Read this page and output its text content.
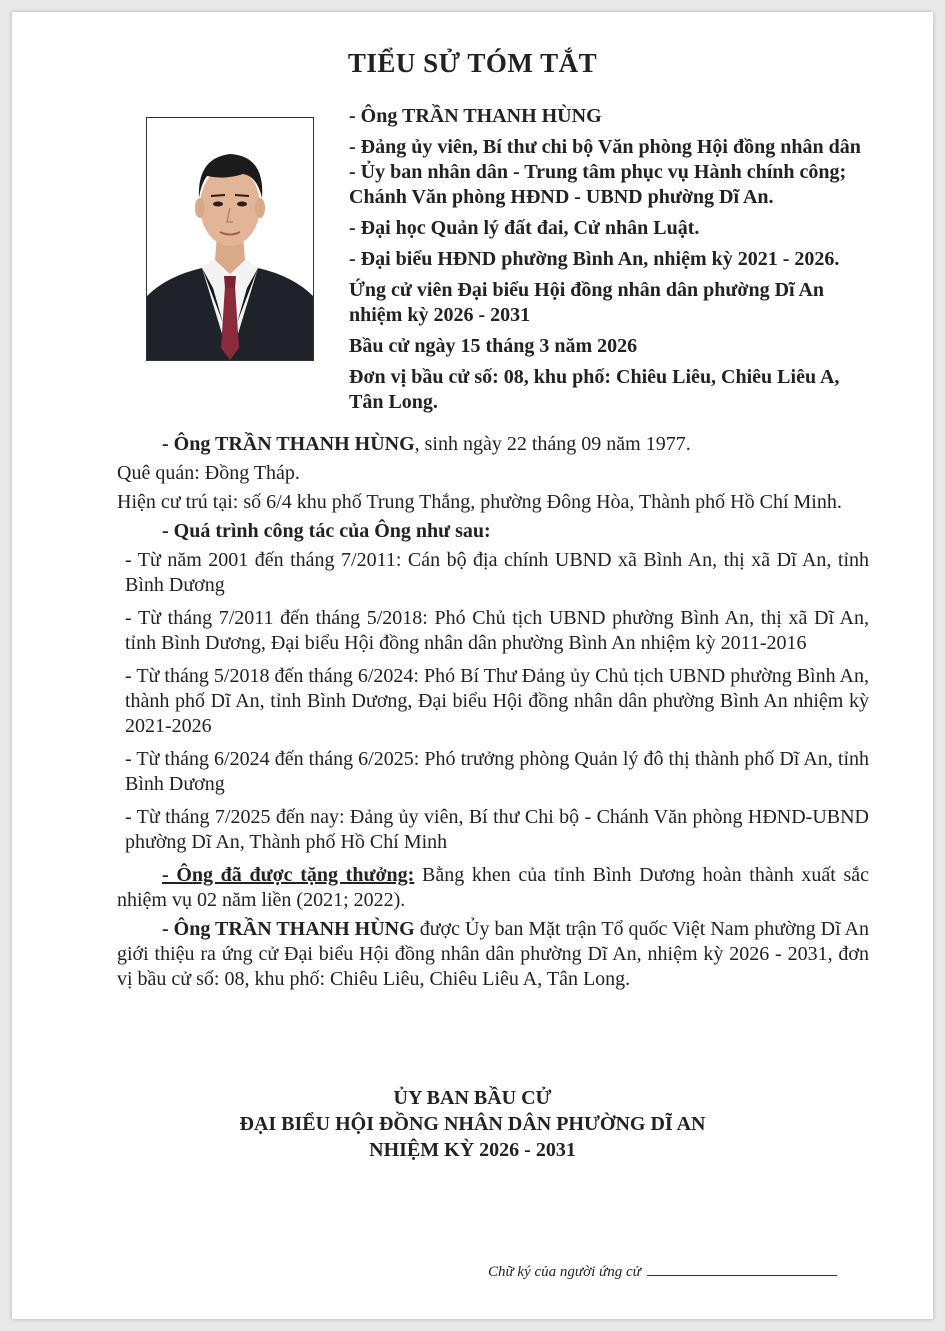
TIỂU SỬ TÓM TẮT

- Ông TRẦN THANH HÙNG

- Đảng ủy viên, Bí thư chi bộ Văn phòng Hội đồng nhân dân - Ủy ban nhân dân - Trung tâm phục vụ Hành chính công; Chánh Văn phòng HĐND - UBND phường Dĩ An.

- Đại học Quản lý đất đai, Cử nhân Luật.

- Đại biểu HĐND phường Bình An, nhiệm kỳ 2021 - 2026.

Ứng cử viên Đại biểu Hội đồng nhân dân phường Dĩ An nhiệm kỳ 2026 - 2031

Bầu cử ngày 15 tháng 3 năm 2026

Đơn vị bầu cử số: 08, khu phố: Chiêu Liêu, Chiêu Liêu A, Tân Long.

- Ông TRẦN THANH HÙNG, sinh ngày 22 tháng 09 năm 1977.

Quê quán: Đồng Tháp.

Hiện cư trú tại: số 6/4 khu phố Trung Thắng, phường Đông Hòa, Thành phố Hồ Chí Minh.

- Quá trình công tác của Ông như sau:

- Từ năm 2001 đến tháng 7/2011: Cán bộ địa chính UBND xã Bình An, thị xã Dĩ An, tỉnh Bình Dương

- Từ tháng 7/2011 đến tháng 5/2018: Phó Chủ tịch UBND phường Bình An, thị xã Dĩ An, tỉnh Bình Dương, Đại biểu Hội đồng nhân dân phường Bình An nhiệm kỳ 2011-2016

- Từ tháng 5/2018 đến tháng 6/2024: Phó Bí Thư Đảng ủy Chủ tịch UBND phường Bình An, thành phố Dĩ An, tỉnh Bình Dương, Đại biểu Hội đồng nhân dân phường Bình An nhiệm kỳ 2021-2026

- Từ tháng 6/2024 đến tháng 6/2025: Phó trưởng phòng Quản lý đô thị thành phố Dĩ An, tỉnh Bình Dương

- Từ tháng 7/2025 đến nay: Đảng ủy viên, Bí thư Chi bộ - Chánh Văn phòng HĐND-UBND phường Dĩ An, Thành phố Hồ Chí Minh

- Ông đã được tặng thưởng: Bằng khen của tỉnh Bình Dương hoàn thành xuất sắc nhiệm vụ 02 năm liền (2021; 2022).

- Ông TRẦN THANH HÙNG được Ủy ban Mặt trận Tổ quốc Việt Nam phường Dĩ An giới thiệu ra ứng cử Đại biểu Hội đồng nhân dân phường Dĩ An, nhiệm kỳ 2026 - 2031, đơn vị bầu cử số: 08, khu phố: Chiêu Liêu, Chiêu Liêu A, Tân Long.

ỦY BAN BẦU CỬ
ĐẠI BIỂU HỘI ĐỒNG NHÂN DÂN PHƯỜNG DĨ AN
NHIỆM KỲ 2026 - 2031
Chữ ký của người ứng cử
